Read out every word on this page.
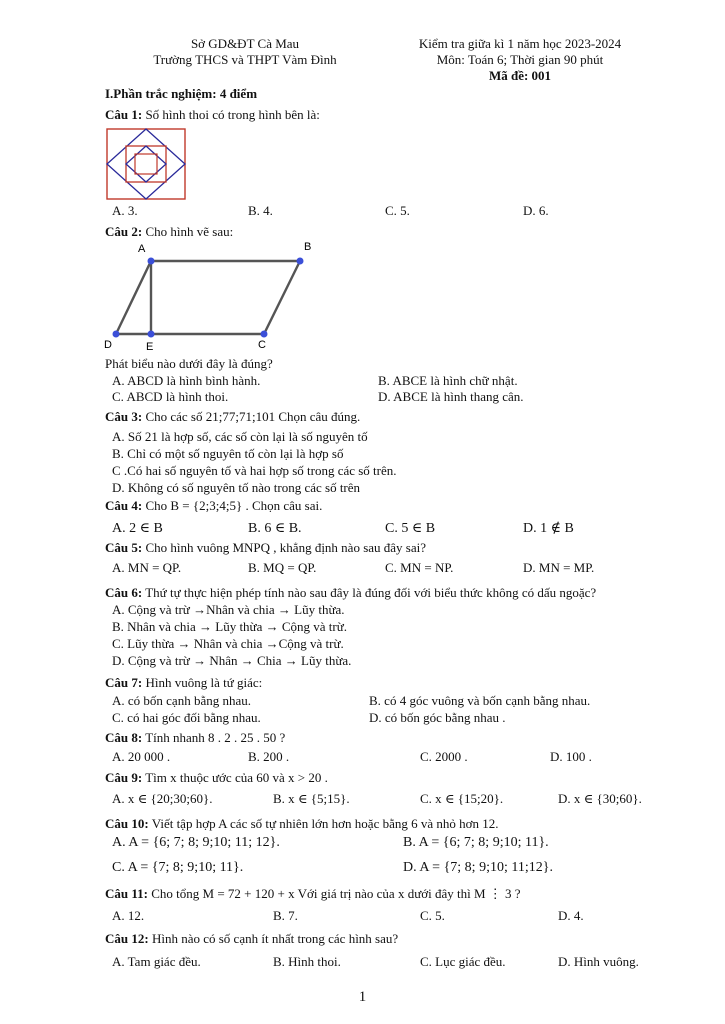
Sở GD&ĐT Cà Mau
Trường THCS và THPT Vàm Đình
Kiểm tra giữa kì 1 năm học 2023-2024
Môn: Toán 6; Thời gian 90 phút
Mã đề: 001
I.Phần trắc nghiệm: 4 điểm
Câu 1: Số hình thoi có trong hình bên là:
A. 3.	B. 4.	C. 5.	D. 6.
Câu 2: Cho hình vẽ sau:
A	B
C
D	E
Phát biểu nào dưới đây là đúng?
A. ABCD là hình bình hành.	B. ABCE là hình chữ nhật.
C. ABCD là hình thoi.	D. ABCE là hình thang cân.
Câu 3: Cho các số 21;77;71;101 Chọn câu đúng.
A. Số 21 là hợp số, các số còn lại là số nguyên tố
B. Chỉ có một số nguyên tố còn lại là hợp số
C .Có hai số nguyên tố và hai hợp số trong các số trên.
D. Không có số nguyên tố nào trong các số trên
Câu 4: Cho B = {2;3;4;5} . Chọn câu sai.
A. 2 ∈ B	B. 6 ∈ B.	C. 5 ∈ B	D. 1 ∉ B
Câu 5: Cho hình vuông MNPQ , khẳng định nào sau đây sai?
A. MN = QP.	B. MQ = QP.	C. MN = NP.	D. MN = MP.
Câu 6: Thứ tự thực hiện phép tính nào sau đây là đúng đối với biểu thức không có dấu ngoặc?
A. Cộng và trừ →Nhân và chia → Lũy thừa.
B. Nhân và chia → Lũy thừa → Cộng và trừ.
C. Lũy thừa → Nhân và chia →Cộng và trừ.
D. Cộng và trừ → Nhân → Chia → Lũy thừa.
Câu 7: Hình vuông là tứ giác:
A. có bốn cạnh bằng nhau.	B. có 4 góc vuông và bốn cạnh bằng nhau.
C. có hai góc đối bằng nhau.	D. có bốn góc bằng nhau .
Câu 8: Tính nhanh 8 . 2 . 25 . 50 ?
A. 20 000 .	B. 200 .	C. 2000 .	D. 100 .
Câu 9: Tìm x thuộc ước của 60 và x > 20 .
A. x ∈ {20;30;60}.	B. x ∈ {5;15}.	C. x ∈ {15;20}.	D. x ∈ {30;60}.
Câu 10: Viết tập hợp A các số tự nhiên lớn hơn hoặc bằng 6 và nhỏ hơn 12.
A. A = {6; 7; 8; 9;10; 11; 12}.	B. A = {6; 7; 8; 9;10; 11}.
C. A = {7; 8; 9;10; 11}.	D. A = {7; 8; 9;10; 11;12}.
Câu 11: Cho tổng M = 72 + 120 + x Với giá trị nào của x dưới đây thì M ⋮ 3 ?
A. 12.	B. 7.	C. 5.	D. 4.
Câu 12: Hình nào có số cạnh ít nhất trong các hình sau?
A. Tam giác đều.	B. Hình thoi.	C. Lục giác đều.	D. Hình vuông.
1
